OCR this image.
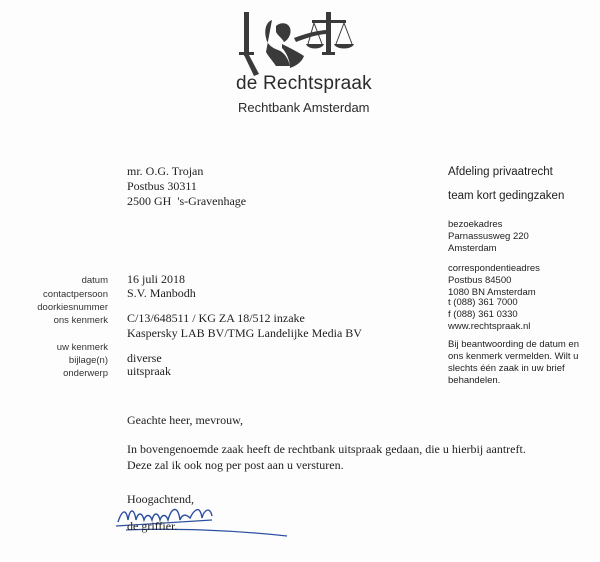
de Rechtspraak
Rechtbank Amsterdam
mr. O.G. Trojan
Postbus 30311
2500 GH  's-Gravenhage
Afdeling privaatrecht
team kort gedingzaken
bezoekadres
Parnassusweg 220
Amsterdam
correspondentieadres
Postbus 84500
1080 BN Amsterdam
t (088) 361 7000
f (088) 361 0330
www.rechtspraak.nl
Bij beantwoording de datum en
ons kenmerk vermelden. Wilt u
slechts één zaak in uw brief
behandelen.
datum 16 juli 2018
contactpersoon S.V. Manbodh
doorkiesnummer
ons kenmerk C/13/648511 / KG ZA 18/512 inzake
Kaspersky LAB BV/TMG Landelijke Media BV
uw kenmerk
bijlage(n) diverse
onderwerp uitspraak
Geachte heer, mevrouw,
In bovengenoemde zaak heeft de rechtbank uitspraak gedaan, die u hierbij aantreft.
Deze zal ik ook nog per post aan u versturen.
Hoogachtend,
de griffier.
